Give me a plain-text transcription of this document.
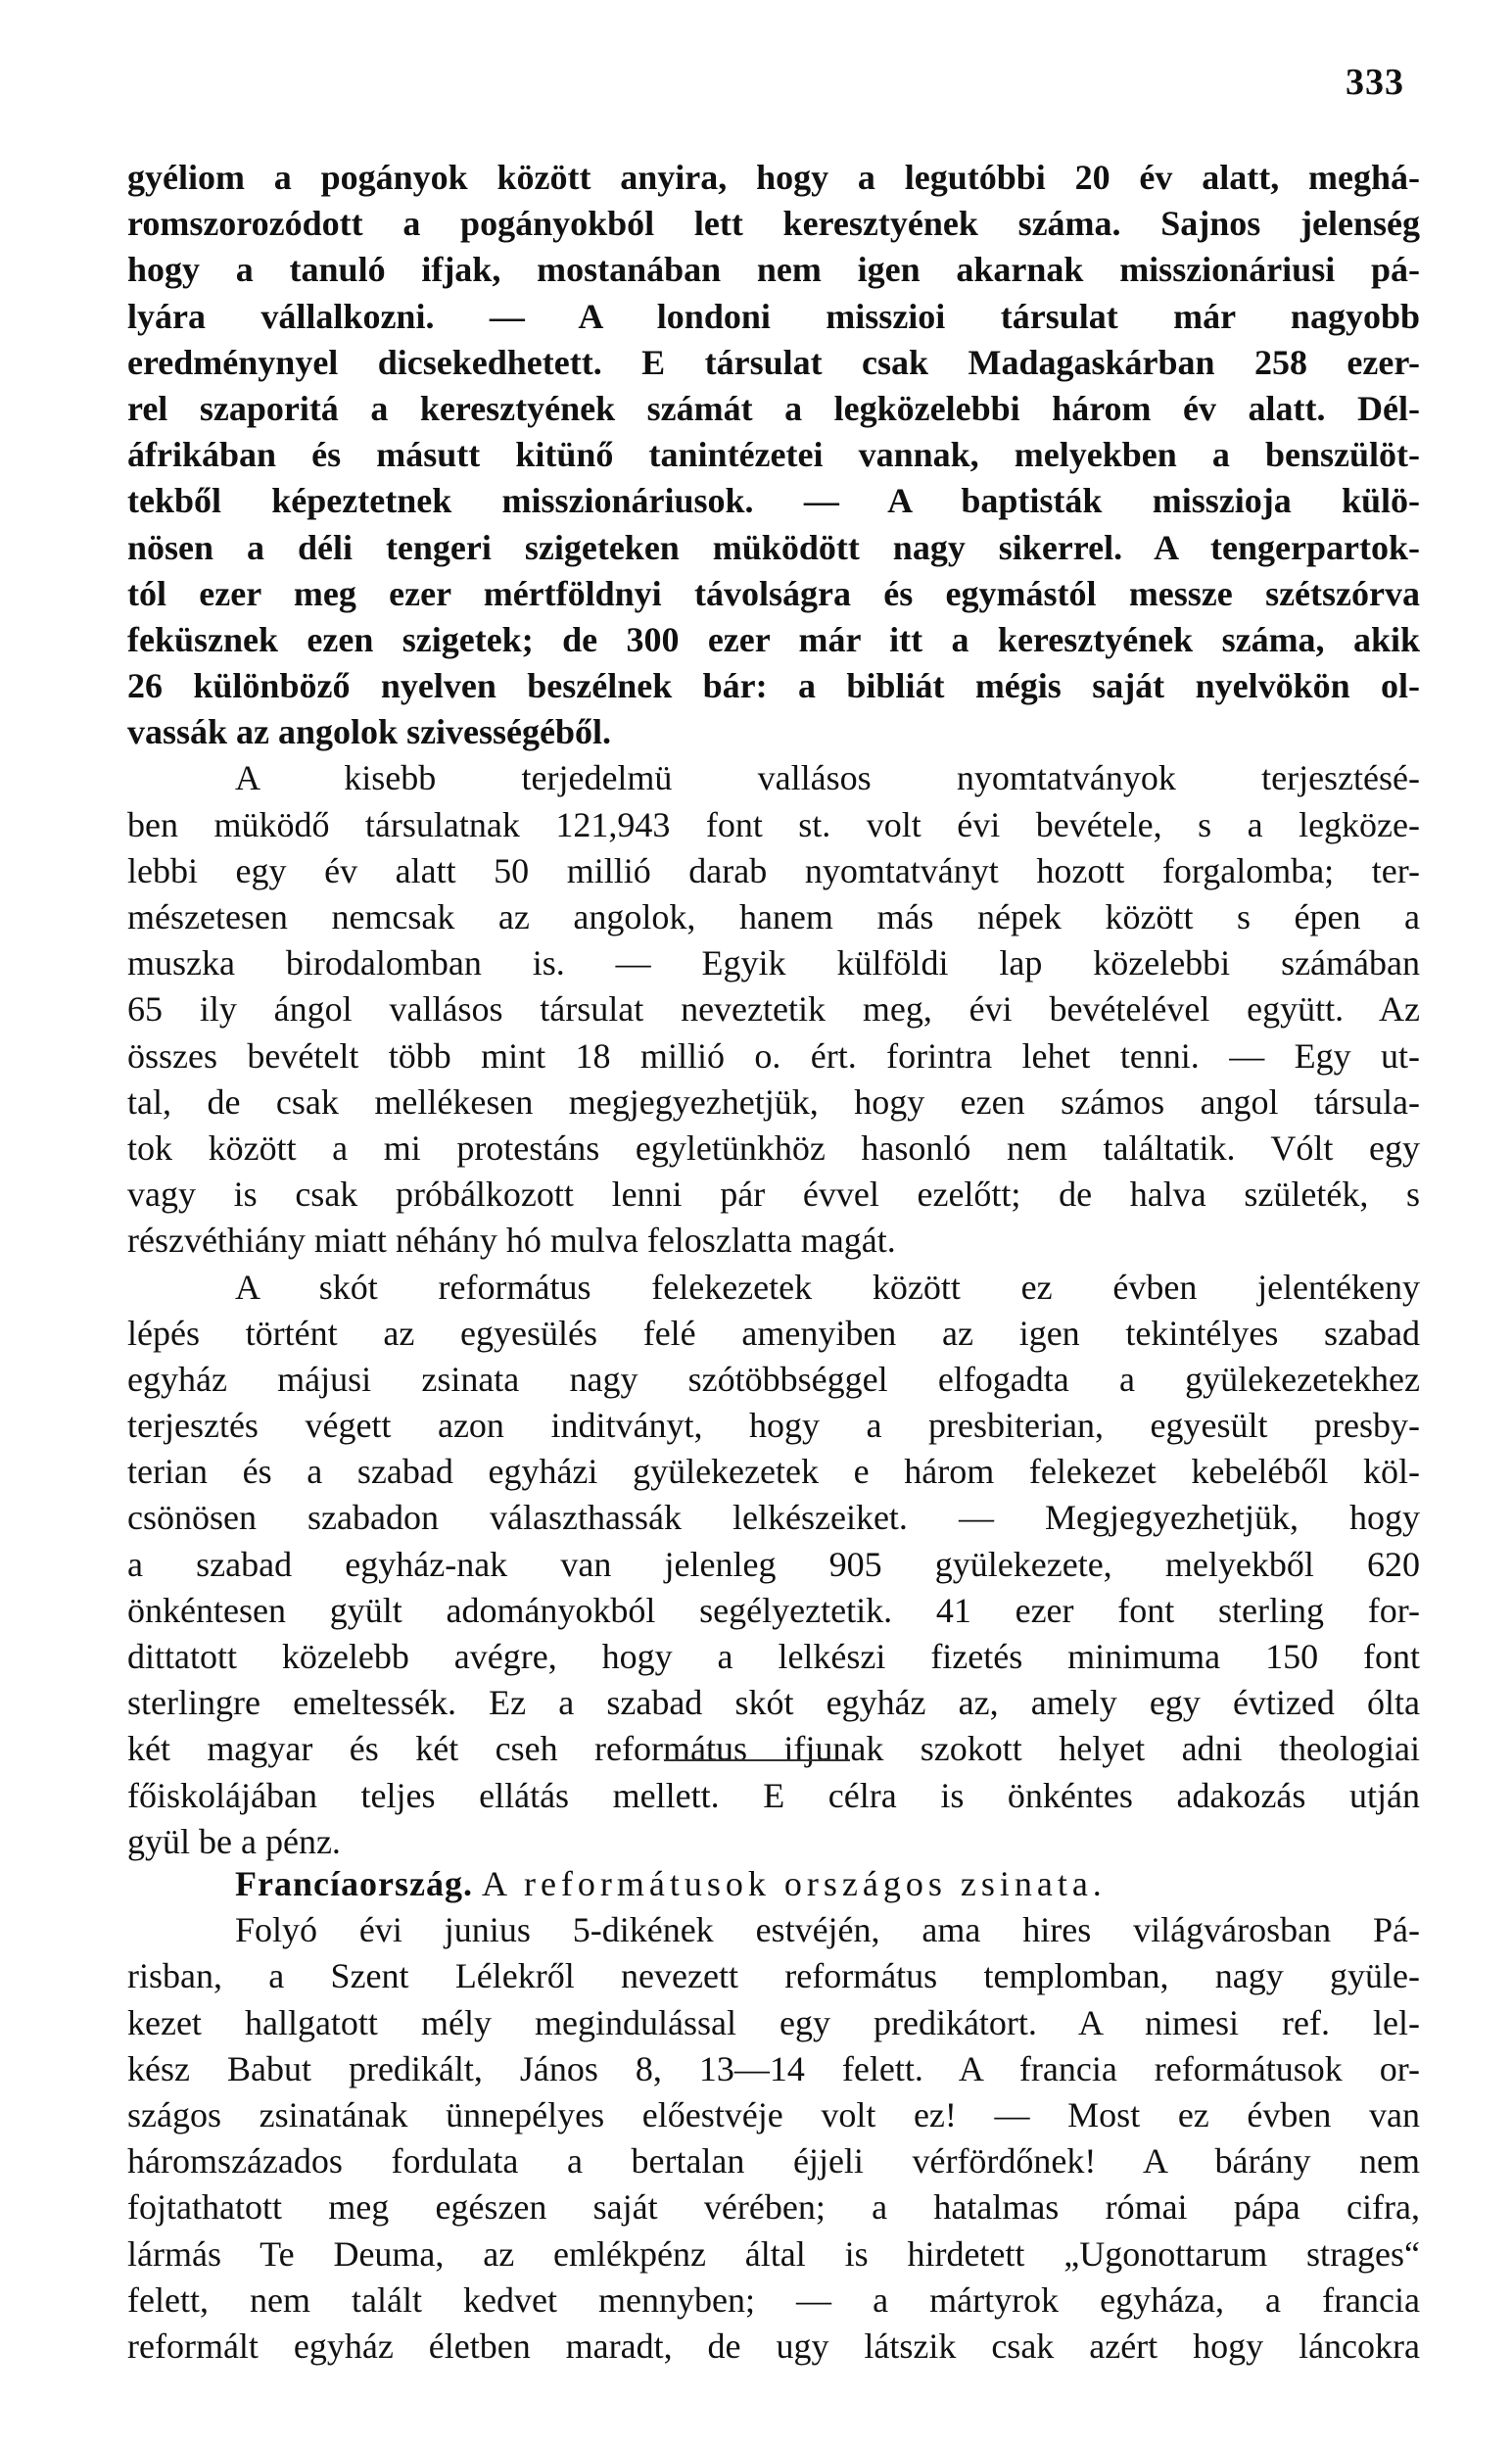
333
gyéliom a pogányok között anyira, hogy a legutóbbi 20 év alatt, meghá-
romszorozódott a pogányokból lett keresztyének száma. Sajnos jelenség
hogy a tanuló ifjak, mostanában nem igen akarnak misszionáriusi pá-
lyára vállalkozni. — A londoni misszioi társulat már nagyobb
eredménynyel dicsekedhetett. E társulat csak Madagaskárban 258 ezer-
rel szaporitá a keresztyének számát a legközelebbi három év alatt. Dél-
áfrikában és másutt kitünő tanintézetei vannak, melyekben a benszülöt-
tekből képeztetnek misszionáriusok. — A baptisták misszioja külö-
nösen a déli tengeri szigeteken müködött nagy sikerrel. A tengerpartok-
tól ezer meg ezer mértföldnyi távolságra és egymástól messze szétszórva
feküsznek ezen szigetek; de 300 ezer már itt a keresztyének száma, akik
26 különböző nyelven beszélnek bár: a bibliát mégis saját nyelvökön ol-
vassák az angolok szivességéből.
A kisebb terjedelmü vallásos nyomtatványok terjesztésé-
ben müködő társulatnak 121,943 font st. volt évi bevétele, s a legköze-
lebbi egy év alatt 50 millió darab nyomtatványt hozott forgalomba; ter-
mészetesen nemcsak az angolok, hanem más népek között s épen a
muszka birodalomban is. — Egyik külföldi lap közelebbi számában
65 ily ángol vallásos társulat neveztetik meg, évi bevételével együtt. Az
összes bevételt több mint 18 millió o. ért. forintra lehet tenni. — Egy ut-
tal, de csak mellékesen megjegyezhetjük, hogy ezen számos angol társula-
tok között a mi protestáns egyletünkhöz hasonló nem találtatik. Vólt egy
vagy is csak próbálkozott lenni pár évvel ezelőtt; de halva születék, s
részvéthiány miatt néhány hó mulva feloszlatta magát.
A skót református felekezetek között ez évben jelentékeny
lépés történt az egyesülés felé amenyiben az igen tekintélyes szabad
egyház májusi zsinata nagy szótöbbséggel elfogadta a gyülekezetekhez
terjesztés végett azon inditványt, hogy a presbiterian, egyesült presby-
terian és a szabad egyházi gyülekezetek e három felekezet kebeléből köl-
csönösen szabadon választhassák lelkészeiket. — Megjegyezhetjük, hogy
a szabad egyház-nak van jelenleg 905 gyülekezete, melyekből 620
önkéntesen gyült adományokból segélyeztetik. 41 ezer font sterling for-
dittatott közelebb avégre, hogy a lelkészi fizetés minimuma 150 font
sterlingre emeltessék. Ez a szabad skót egyház az, amely egy évtized ólta
két magyar és két cseh református ifjunak szokott helyet adni theologiai
főiskolájában teljes ellátás mellett. E célra is önkéntes adakozás utján
gyül be a pénz.
Francíaország. A reformátusok országos zsinata.
Folyó évi junius 5-dikének estvéjén, ama hires világvárosban Pá-
risban, a Szent Lélekről nevezett református templomban, nagy gyüle-
kezet hallgatott mély megindulással egy predikátort. A nimesi ref. lel-
kész Babut predikált, János 8, 13—14 felett. A francia reformátusok or-
szágos zsinatának ünnepélyes előestvéje volt ez! — Most ez évben van
háromszázados fordulata a bertalan éjjeli vérfördőnek! A bárány nem
fojtathatott meg egészen saját vérében; a hatalmas római pápa cifra,
lármás Te Deuma, az emlékpénz által is hirdetett „Ugonottarum strages“
felett, nem talált kedvet mennyben; — a mártyrok egyháza, a francia
reformált egyház életben maradt, de ugy látszik csak azért hogy láncokra
